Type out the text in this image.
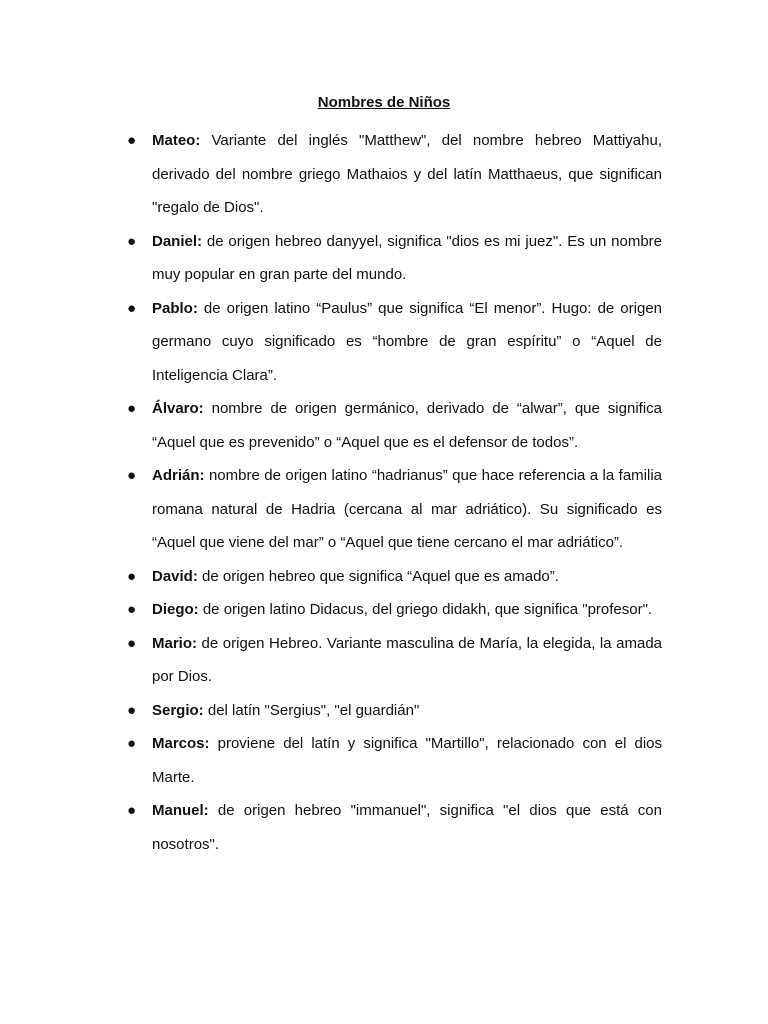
Nombres de Niños
● Mateo: Variante del inglés "Matthew", del nombre hebreo Mattiyahu, derivado del nombre griego Mathaios y del latín Matthaeus, que significan "regalo de Dios".
● Daniel: de origen hebreo danyyel, significa "dios es mi juez". Es un nombre muy popular en gran parte del mundo.
● Pablo: de origen latino “Paulus” que significa “El menor”. Hugo: de origen germano cuyo significado es “hombre de gran espíritu” o “Aquel de Inteligencia Clara”.
● Álvaro: nombre de origen germánico, derivado de “alwar”, que significa “Aquel que es prevenido” o “Aquel que es el defensor de todos”.
● Adrián: nombre de origen latino “hadrianus” que hace referencia a la familia romana natural de Hadria (cercana al mar adriático). Su significado es “Aquel que viene del mar” o “Aquel que tiene cercano el mar adriático”.
● David: de origen hebreo que significa “Aquel que es amado”.
● Diego: de origen latino Didacus, del griego didakh, que significa "profesor".
● Mario: de origen Hebreo. Variante masculina de María, la elegida, la amada por Dios.
● Sergio: del latín "Sergius", "el guardián"
● Marcos: proviene del latín y significa "Martillo", relacionado con el dios Marte.
● Manuel: de origen hebreo "immanuel", significa "el dios que está con nosotros".
